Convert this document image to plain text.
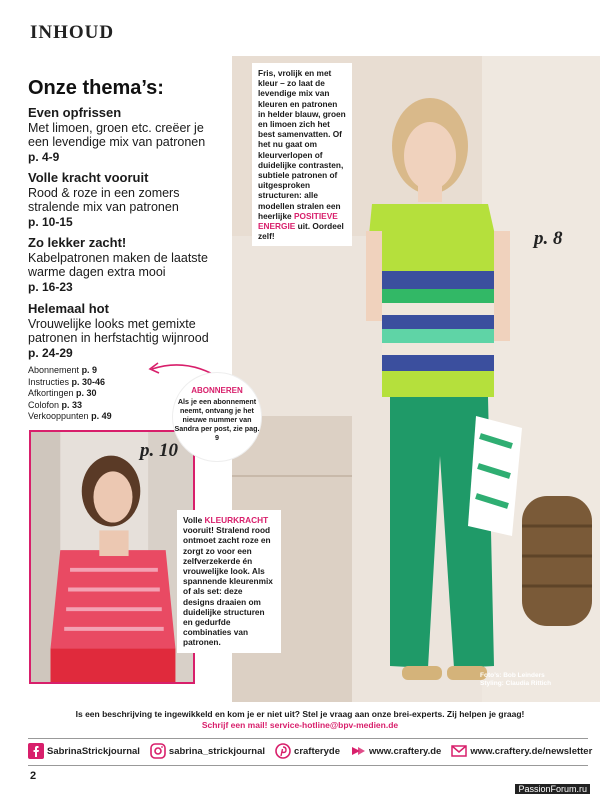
INHOUD
Onze thema’s:
Even opfrissen
Met limoen, groen etc. creëer je een levendige mix van patronen
p. 4-9
Volle kracht vooruit
Rood & roze in een zomers stralende mix van patronen
p. 10-15
Zo lekker zacht!
Kabelpatronen maken de laatste warme dagen extra mooi
p. 16-23
Helemaal hot
Vrouwelijke looks met gemixte patronen in herfstachtig wijnrood
p. 24-29
Abonnement p. 9
Instructies p. 30-46
Afkortingen p. 30
Colofon p. 33
Verkooppunten p. 49
Fris, vrolijk en met kleur – zo laat de levendige mix van kleuren en patronen in helder blauw, groen en limoen zich het best samenvatten. Of het nu gaat om kleurverlopen of duidelijke contrasten, subtiele patronen of uitgesproken structuren: alle modellen stralen een heerlijke POSITIEVE ENERGIE uit. Oordeel zelf!	p. 8
p. 10
ABONNEREN
Als je een abonnement neemt, ontvang je het nieuwe nummer van Sandra per post, zie pag. 9
Volle KLEURKRACHT vooruit! Stralend rood ontmoet zacht roze en zorgt zo voor een zelfverzekerde én vrouwelijke look. Als spannende kleurenmix of als set: deze designs draaien om duidelijke structuren en gedurfde combinaties van patronen.
Foto’s: Bob Leinders
Styling: Claudia Rittich
Is een beschrijving te ingewikkeld en kom je er niet uit? Stel je vraag aan onze brei-experts. Zij helpen je graag!
Schrijf een mail! service-hotline@bpv-medien.de
SabrinaStrickjournal	sabrina_strickjournal	crafteryde	www.craftery.de	www.craftery.de/newsletter
2
PassionForum.ru
